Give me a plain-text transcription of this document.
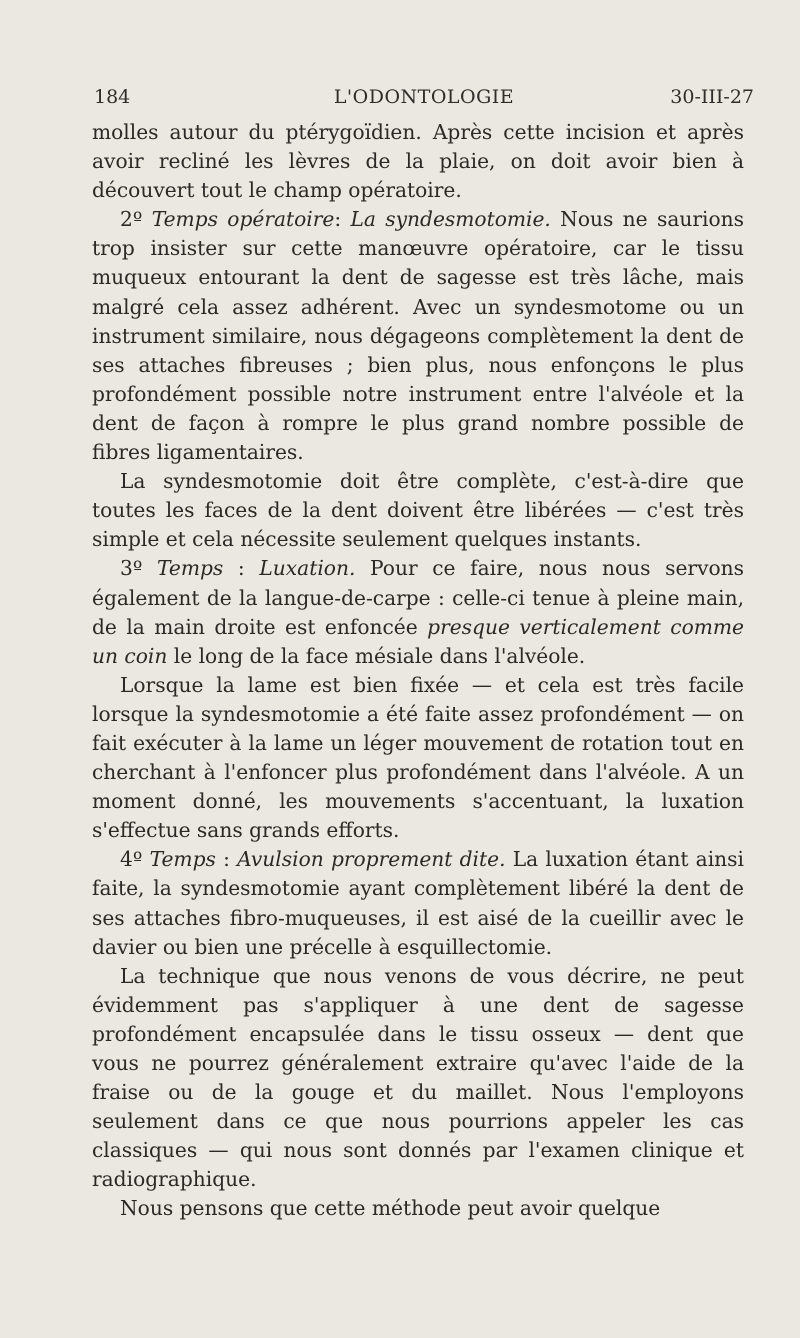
184	L'ODONTOLOGIE	30-III-27

molles autour du ptérygoïdien. Après cette incision et après avoir recliné les lèvres de la plaie, on doit avoir bien à découvert tout le champ opératoire.

2º Temps opératoire: La syndesmotomie. Nous ne saurions trop insister sur cette manœuvre opératoire, car le tissu muqueux entourant la dent de sagesse est très lâche, mais malgré cela assez adhérent. Avec un syndesmotome ou un instrument similaire, nous dégageons complètement la dent de ses attaches fibreuses ; bien plus, nous enfonçons le plus profondément possible notre instrument entre l'alvéole et la dent de façon à rompre le plus grand nombre possible de fibres ligamentaires.

La syndesmotomie doit être complète, c'est-à-dire que toutes les faces de la dent doivent être libérées — c'est très simple et cela nécessite seulement quelques instants.

3º Temps : Luxation. Pour ce faire, nous nous servons également de la langue-de-carpe : celle-ci tenue à pleine main, de la main droite est enfoncée presque verticalement comme un coin le long de la face mésiale dans l'alvéole.

Lorsque la lame est bien fixée — et cela est très facile lorsque la syndesmotomie a été faite assez profondément — on fait exécuter à la lame un léger mouvement de rotation tout en cherchant à l'enfoncer plus profondément dans l'alvéole. A un moment donné, les mouvements s'accentuant, la luxation s'effectue sans grands efforts.

4º Temps : Avulsion proprement dite. La luxation étant ainsi faite, la syndesmotomie ayant complètement libéré la dent de ses attaches fibro-muqueuses, il est aisé de la cueillir avec le davier ou bien une précelle à esquillectomie.

La technique que nous venons de vous décrire, ne peut évidemment pas s'appliquer à une dent de sagesse profondément encapsulée dans le tissu osseux — dent que vous ne pourrez généralement extraire qu'avec l'aide de la fraise ou de la gouge et du maillet. Nous l'employons seulement dans ce que nous pourrions appeler les cas classiques — qui nous sont donnés par l'examen clinique et radiographique.

Nous pensons que cette méthode peut avoir quelque
